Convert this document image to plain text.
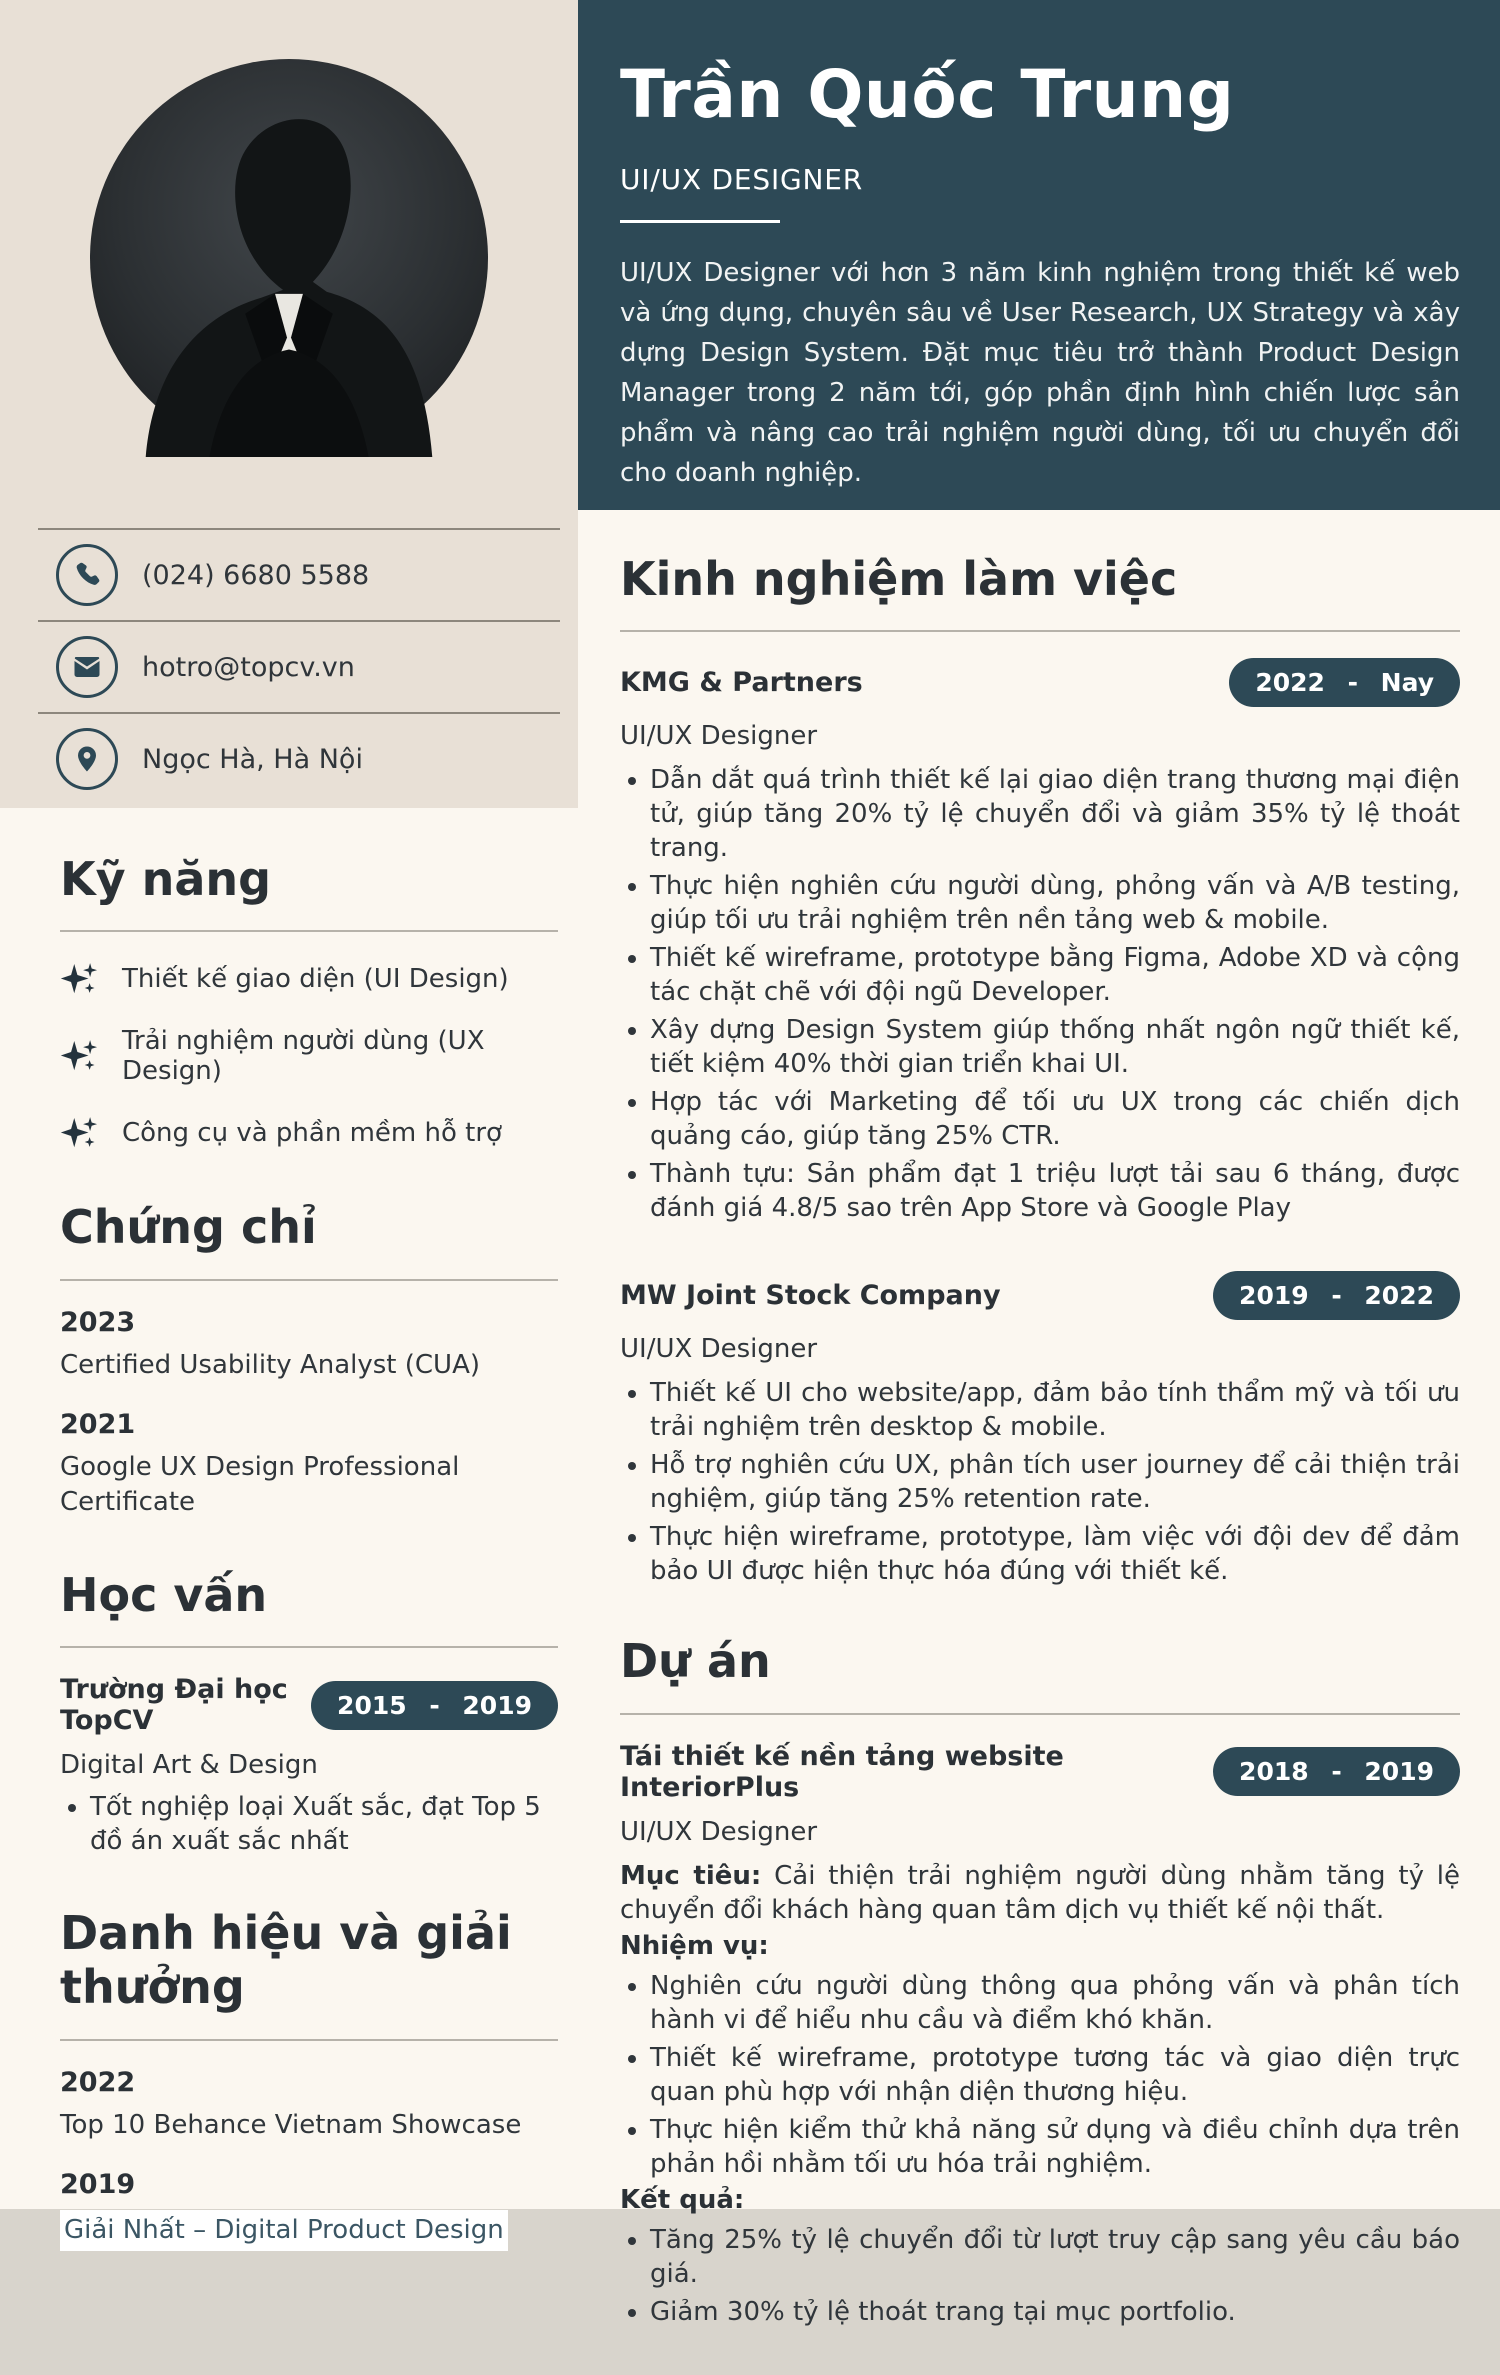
(024) 6680 5588
hotro@topcv.vn
Ngọc Hà, Hà Nội
Kỹ năng
Thiết kế giao diện (UI Design)
Trải nghiệm người dùng (UX Design)
Công cụ và phần mềm hỗ trợ
Chứng chỉ
2023
Certified Usability Analyst (CUA)
2021
Google UX Design Professional Certificate
Học vấn
Trường Đại học TopCV	2015 - 2019
Digital Art & Design
• Tốt nghiệp loại Xuất sắc, đạt Top 5 đồ án xuất sắc nhất
Danh hiệu và giải thưởng
2022
Top 10 Behance Vietnam Showcase
2019
Giải Nhất – Digital Product Design
Trần Quốc Trung
UI/UX DESIGNER

UI/UX Designer với hơn 3 năm kinh nghiệm trong thiết kế web và ứng dụng, chuyên sâu về User Research, UX Strategy và xây dựng Design System. Đặt mục tiêu trở thành Product Design Manager trong 2 năm tới, góp phần định hình chiến lược sản phẩm và nâng cao trải nghiệm người dùng, tối ưu chuyển đổi cho doanh nghiệp.

Kinh nghiệm làm việc
KMG & Partners	2022 - Nay
UI/UX Designer
• Dẫn dắt quá trình thiết kế lại giao diện trang thương mại điện tử, giúp tăng 20% tỷ lệ chuyển đổi và giảm 35% tỷ lệ thoát trang.
• Thực hiện nghiên cứu người dùng, phỏng vấn và A/B testing, giúp tối ưu trải nghiệm trên nền tảng web & mobile.
• Thiết kế wireframe, prototype bằng Figma, Adobe XD và cộng tác chặt chẽ với đội ngũ Developer.
• Xây dựng Design System giúp thống nhất ngôn ngữ thiết kế, tiết kiệm 40% thời gian triển khai UI.
• Hợp tác với Marketing để tối ưu UX trong các chiến dịch quảng cáo, giúp tăng 25% CTR.
• Thành tựu: Sản phẩm đạt 1 triệu lượt tải sau 6 tháng, được đánh giá 4.8/5 sao trên App Store và Google Play
MW Joint Stock Company	2019 - 2022
UI/UX Designer
• Thiết kế UI cho website/app, đảm bảo tính thẩm mỹ và tối ưu trải nghiệm trên desktop & mobile.
• Hỗ trợ nghiên cứu UX, phân tích user journey để cải thiện trải nghiệm, giúp tăng 25% retention rate.
• Thực hiện wireframe, prototype, làm việc với đội dev để đảm bảo UI được hiện thực hóa đúng với thiết kế.
Dự án
Tái thiết kế nền tảng website InteriorPlus	2018 - 2019
UI/UX Designer

Mục tiêu: Cải thiện trải nghiệm người dùng nhằm tăng tỷ lệ chuyển đổi khách hàng quan tâm dịch vụ thiết kế nội thất.

Nhiệm vụ:
• Nghiên cứu người dùng thông qua phỏng vấn và phân tích hành vi để hiểu nhu cầu và điểm khó khăn.
• Thiết kế wireframe, prototype tương tác và giao diện trực quan phù hợp với nhận diện thương hiệu.
• Thực hiện kiểm thử khả năng sử dụng và điều chỉnh dựa trên phản hồi nhằm tối ưu hóa trải nghiệm.
Kết quả:
• Tăng 25% tỷ lệ chuyển đổi từ lượt truy cập sang yêu cầu báo giá.
• Giảm 30% tỷ lệ thoát trang tại mục portfolio.
